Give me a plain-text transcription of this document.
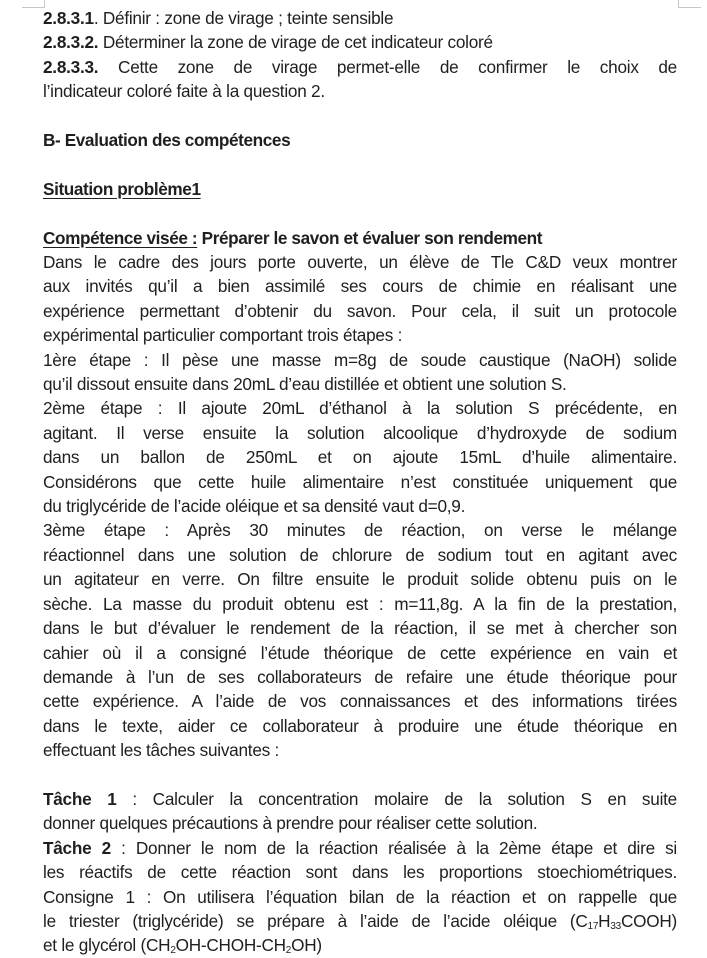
2.8.3.1. Définir : zone de virage ; teinte sensible
2.8.3.2. Déterminer la zone de virage de cet indicateur coloré
2.8.3.3. Cette zone de virage permet-elle de confirmer le choix de
l’indicateur coloré faite à la question 2.
B- Evaluation des compétences
Situation problème1
Compétence visée : Préparer le savon et évaluer son rendement
Dans le cadre des jours porte ouverte, un élève de Tle C&D veux montrer
aux invités qu’il a bien assimilé ses cours de chimie en réalisant une
expérience permettant d’obtenir du savon. Pour cela, il suit un protocole
expérimental particulier comportant trois étapes :
1ère étape : Il pèse une masse m=8g de soude caustique (NaOH) solide
qu’il dissout ensuite dans 20mL d’eau distillée et obtient une solution S.
2ème étape : Il ajoute 20mL d’éthanol à la solution S précédente, en
agitant. Il verse ensuite la solution alcoolique d’hydroxyde de sodium
dans un ballon de 250mL et on ajoute 15mL d’huile alimentaire.
Considérons que cette huile alimentaire n’est constituée uniquement que
du triglycéride de l’acide oléique et sa densité vaut d=0,9.
3ème étape : Après 30 minutes de réaction, on verse le mélange
réactionnel dans une solution de chlorure de sodium tout en agitant avec
un agitateur en verre. On filtre ensuite le produit solide obtenu puis on le
sèche. La masse du produit obtenu est : m=11,8g. A la fin de la prestation,
dans le but d’évaluer le rendement de la réaction, il se met à chercher son
cahier où il a consigné l’étude théorique de cette expérience en vain et
demande à l’un de ses collaborateurs de refaire une étude théorique pour
cette expérience. A l’aide de vos connaissances et des informations tirées
dans le texte, aider ce collaborateur à produire une étude théorique en
effectuant les tâches suivantes :
Tâche 1 : Calculer la concentration molaire de la solution S en suite
donner quelques précautions à prendre pour réaliser cette solution.
Tâche 2 : Donner le nom de la réaction réalisée à la 2ème étape et dire si
les réactifs de cette réaction sont dans les proportions stoechiométriques.
Consigne 1 : On utilisera l’équation bilan de la réaction et on rappelle que
le triester (triglycéride) se prépare à l’aide de l’acide oléique $(C_{17}H_{33}COOH)$
et le glycérol $(CH_2OH-CHOH-CH_2OH)$
